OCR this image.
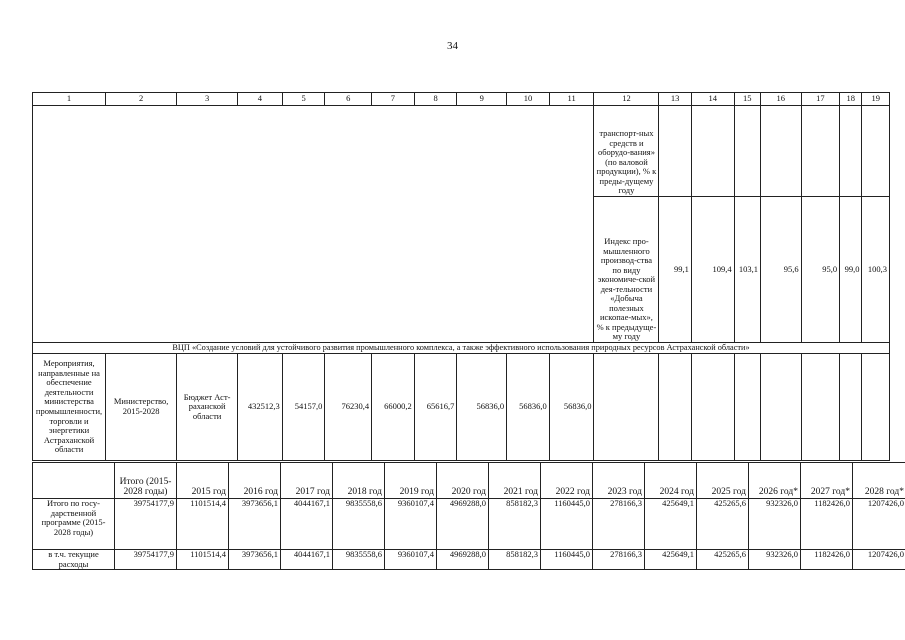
34
1	2	3	4	5	6	7	8	9	10	11	12	13	14	15	16	17	18	19
											транспорт-ных средств и оборудо-вания» (по валовой продукции), % к преды-дущему году							
											Индекс про-мышленного производ-ства по виду экономиче-ской дея-тельности «Добыча полезных ископае-мых», % к предыдуще-му году	99,1	109,4	103,1	95,6	95,0	99,0	100,3
ВЦП «Создание условий для устойчивого развития промышленного комплекса, а также эффективного использования природных ресурсов Астраханской области»																		
Мероприятия, направленные на обеспечение деятельности министерства промышленности, торговли и энергетики Астраханской области	Министерство, 2015-2028	Бюджет Аст-раханской области	432512,3	54157,0	76230,4	66000,2	65616,7	56836,0	56836,0	56836,0								
	Итого (2015-2028 годы)	2015 год	2016 год	2017 год	2018 год	2019 год	2020 год	2021 год	2022 год	2023 год	2024 год	2025 год	2026 год*	2027 год*	2028 год*
Итого по госу-дарственной программе (2015-2028 годы)	39754177,9	1101514,4	3973656,1	4044167,1	9835558,6	9360107,4	4969288,0	858182,3	1160445,0	278166,3	425649,1	425265,6	932326,0	1182426,0	1207426,0
в т.ч. текущие расходы	39754177,9	1101514,4	3973656,1	4044167,1	9835558,6	9360107,4	4969288,0	858182,3	1160445,0	278166,3	425649,1	425265,6	932326,0	1182426,0	1207426,0
